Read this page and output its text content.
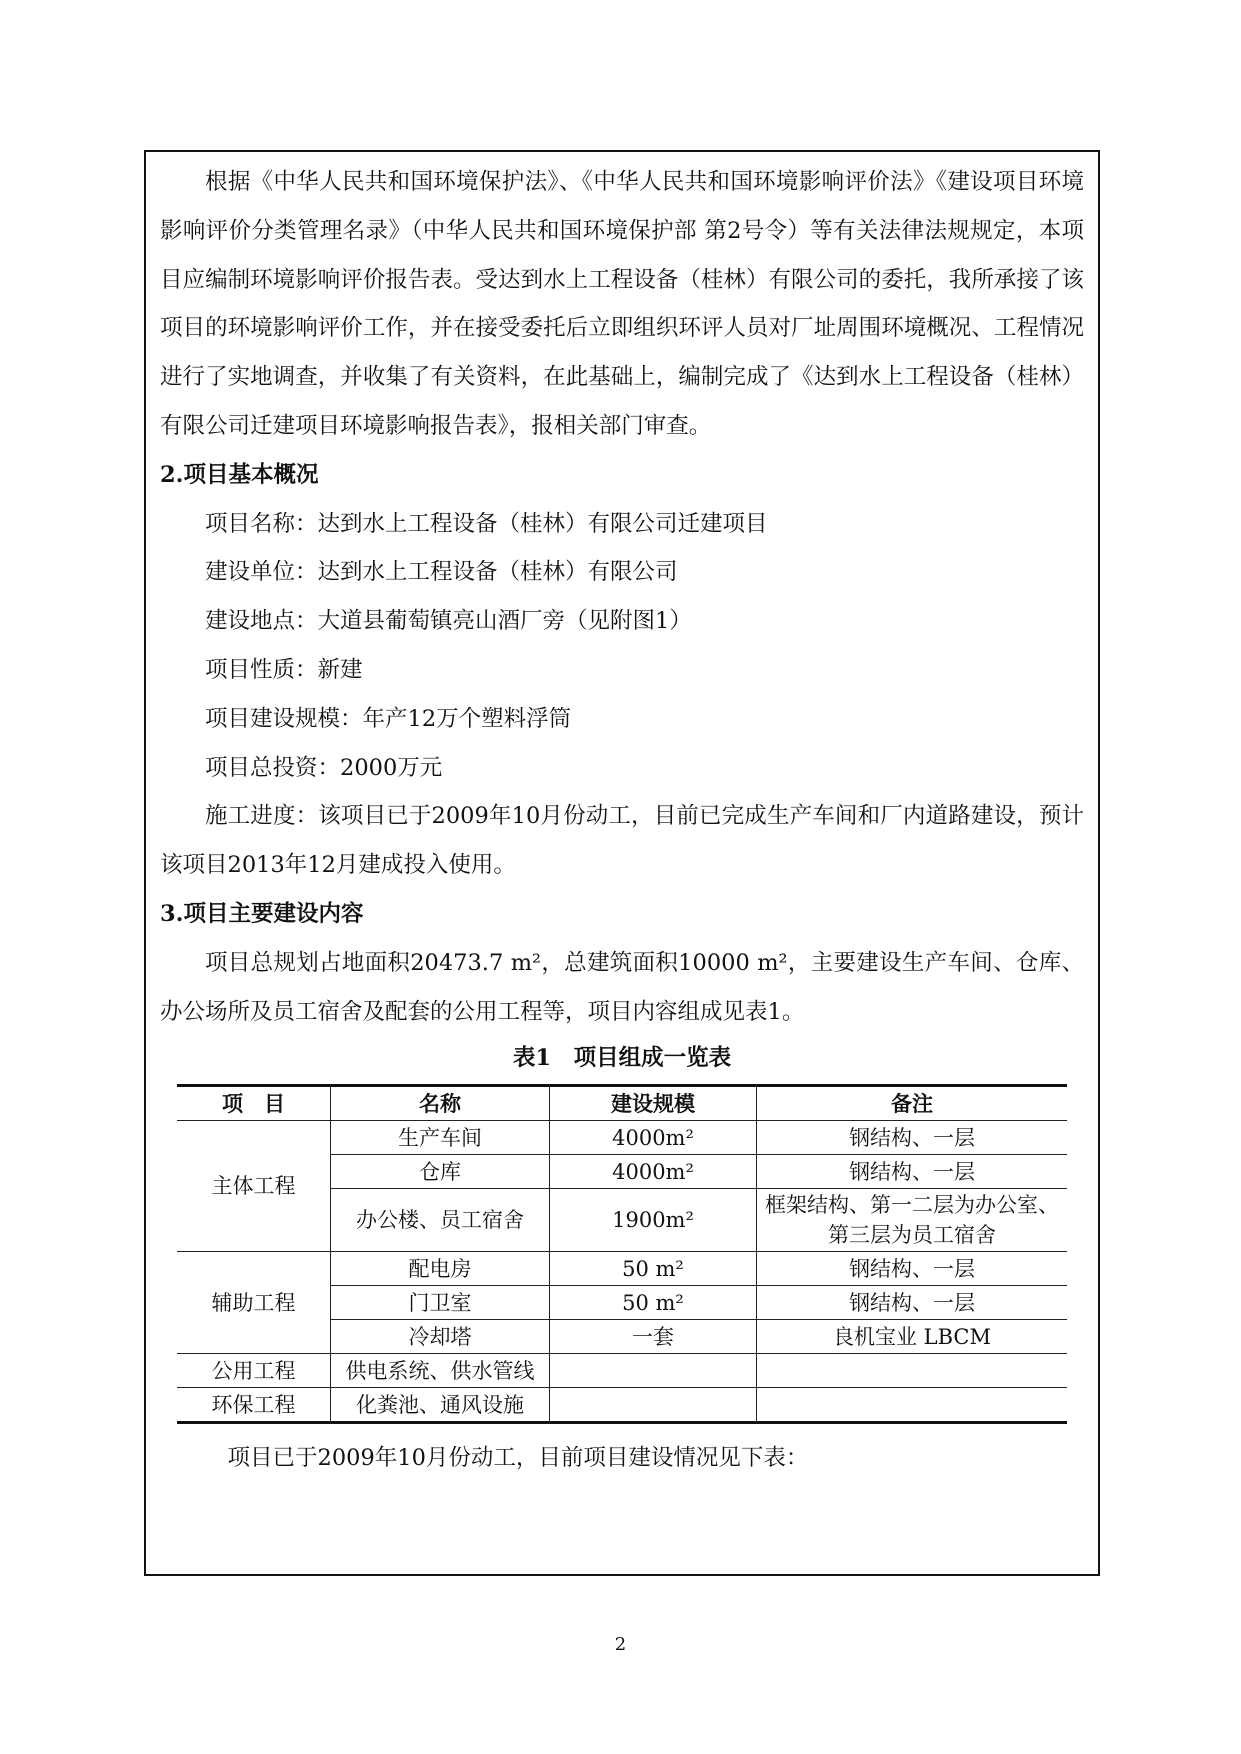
根据《中华人民共和国环境保护法》、《中华人民共和国环境影响评价法》《建设项目环境影响评价分类管理名录》（中华人民共和国环境保护部 第2号令）等有关法律法规规定，本项目应编制环境影响评价报告表。受达到水上工程设备（桂林）有限公司的委托，我所承接了该项目的环境影响评价工作，并在接受委托后立即组织环评人员对厂址周围环境概况、工程情况进行了实地调查，并收集了有关资料，在此基础上，编制完成了《达到水上工程设备（桂林）有限公司迁建项目环境影响报告表》，报相关部门审查。

2.项目基本概况

项目名称：达到水上工程设备（桂林）有限公司迁建项目

建设单位：达到水上工程设备（桂林）有限公司

建设地点：大道县葡萄镇亮山酒厂旁（见附图1）

项目性质：新建

项目建设规模：年产12万个塑料浮筒

项目总投资：2000万元

施工进度：该项目已于2009年10月份动工，目前已完成生产车间和厂内道路建设，预计该项目2013年12月建成投入使用。

3.项目主要建设内容

项目总规划占地面积20473.7 m²，总建筑面积10000 m²，主要建设生产车间、仓库、办公场所及员工宿舍及配套的公用工程等，项目内容组成见表1。

表1　项目组成一览表

项　目	名称	建设规模	备注
主体工程	生产车间	4000m²	钢结构、一层
	仓库	4000m²	钢结构、一层
	办公楼、员工宿舍	1900m²	框架结构、第一二层为办公室、第三层为员工宿舍
辅助工程	配电房	50 m²	钢结构、一层
	门卫室	50 m²	钢结构、一层
	冷却塔	一套	良机宝业 LBCM
公用工程	供电系统、供水管线		
环保工程	化粪池、通风设施		

项目已于2009年10月份动工，目前项目建设情况见下表：

2
